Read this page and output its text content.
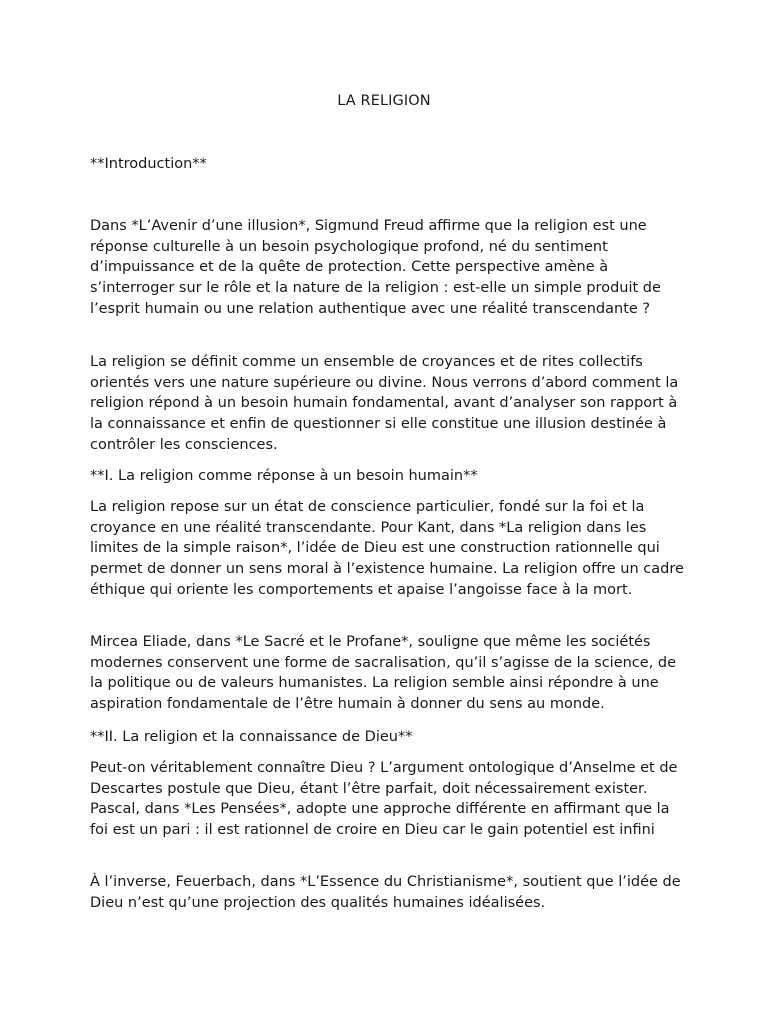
LA RELIGION

**Introduction**

Dans *L’Avenir d’une illusion*, Sigmund Freud affirme que la religion est une réponse culturelle à un besoin psychologique profond, né du sentiment d’impuissance et de la quête de protection. Cette perspective amène à s’interroger sur le rôle et la nature de la religion : est-elle un simple produit de l’esprit humain ou une relation authentique avec une réalité transcendante ?

La religion se définit comme un ensemble de croyances et de rites collectifs orientés vers une nature supérieure ou divine. Nous verrons d’abord comment la religion répond à un besoin humain fondamental, avant d’analyser son rapport à la connaissance et enfin de questionner si elle constitue une illusion destinée à contrôler les consciences.

**I. La religion comme réponse à un besoin humain**

La religion repose sur un état de conscience particulier, fondé sur la foi et la croyance en une réalité transcendante. Pour Kant, dans *La religion dans les limites de la simple raison*, l’idée de Dieu est une construction rationnelle qui permet de donner un sens moral à l’existence humaine. La religion offre un cadre éthique qui oriente les comportements et apaise l’angoisse face à la mort.

Mircea Eliade, dans *Le Sacré et le Profane*, souligne que même les sociétés modernes conservent une forme de sacralisation, qu’il s’agisse de la science, de la politique ou de valeurs humanistes. La religion semble ainsi répondre à une aspiration fondamentale de l’être humain à donner du sens au monde.

**II. La religion et la connaissance de Dieu**

Peut-on véritablement connaître Dieu ? L’argument ontologique d’Anselme et de Descartes postule que Dieu, étant l’être parfait, doit nécessairement exister. Pascal, dans *Les Pensées*, adopte une approche différente en affirmant que la foi est un pari : il est rationnel de croire en Dieu car le gain potentiel est infini

À l’inverse, Feuerbach, dans *L’Essence du Christianisme*, soutient que l’idée de Dieu n’est qu’une projection des qualités humaines idéalisées.
